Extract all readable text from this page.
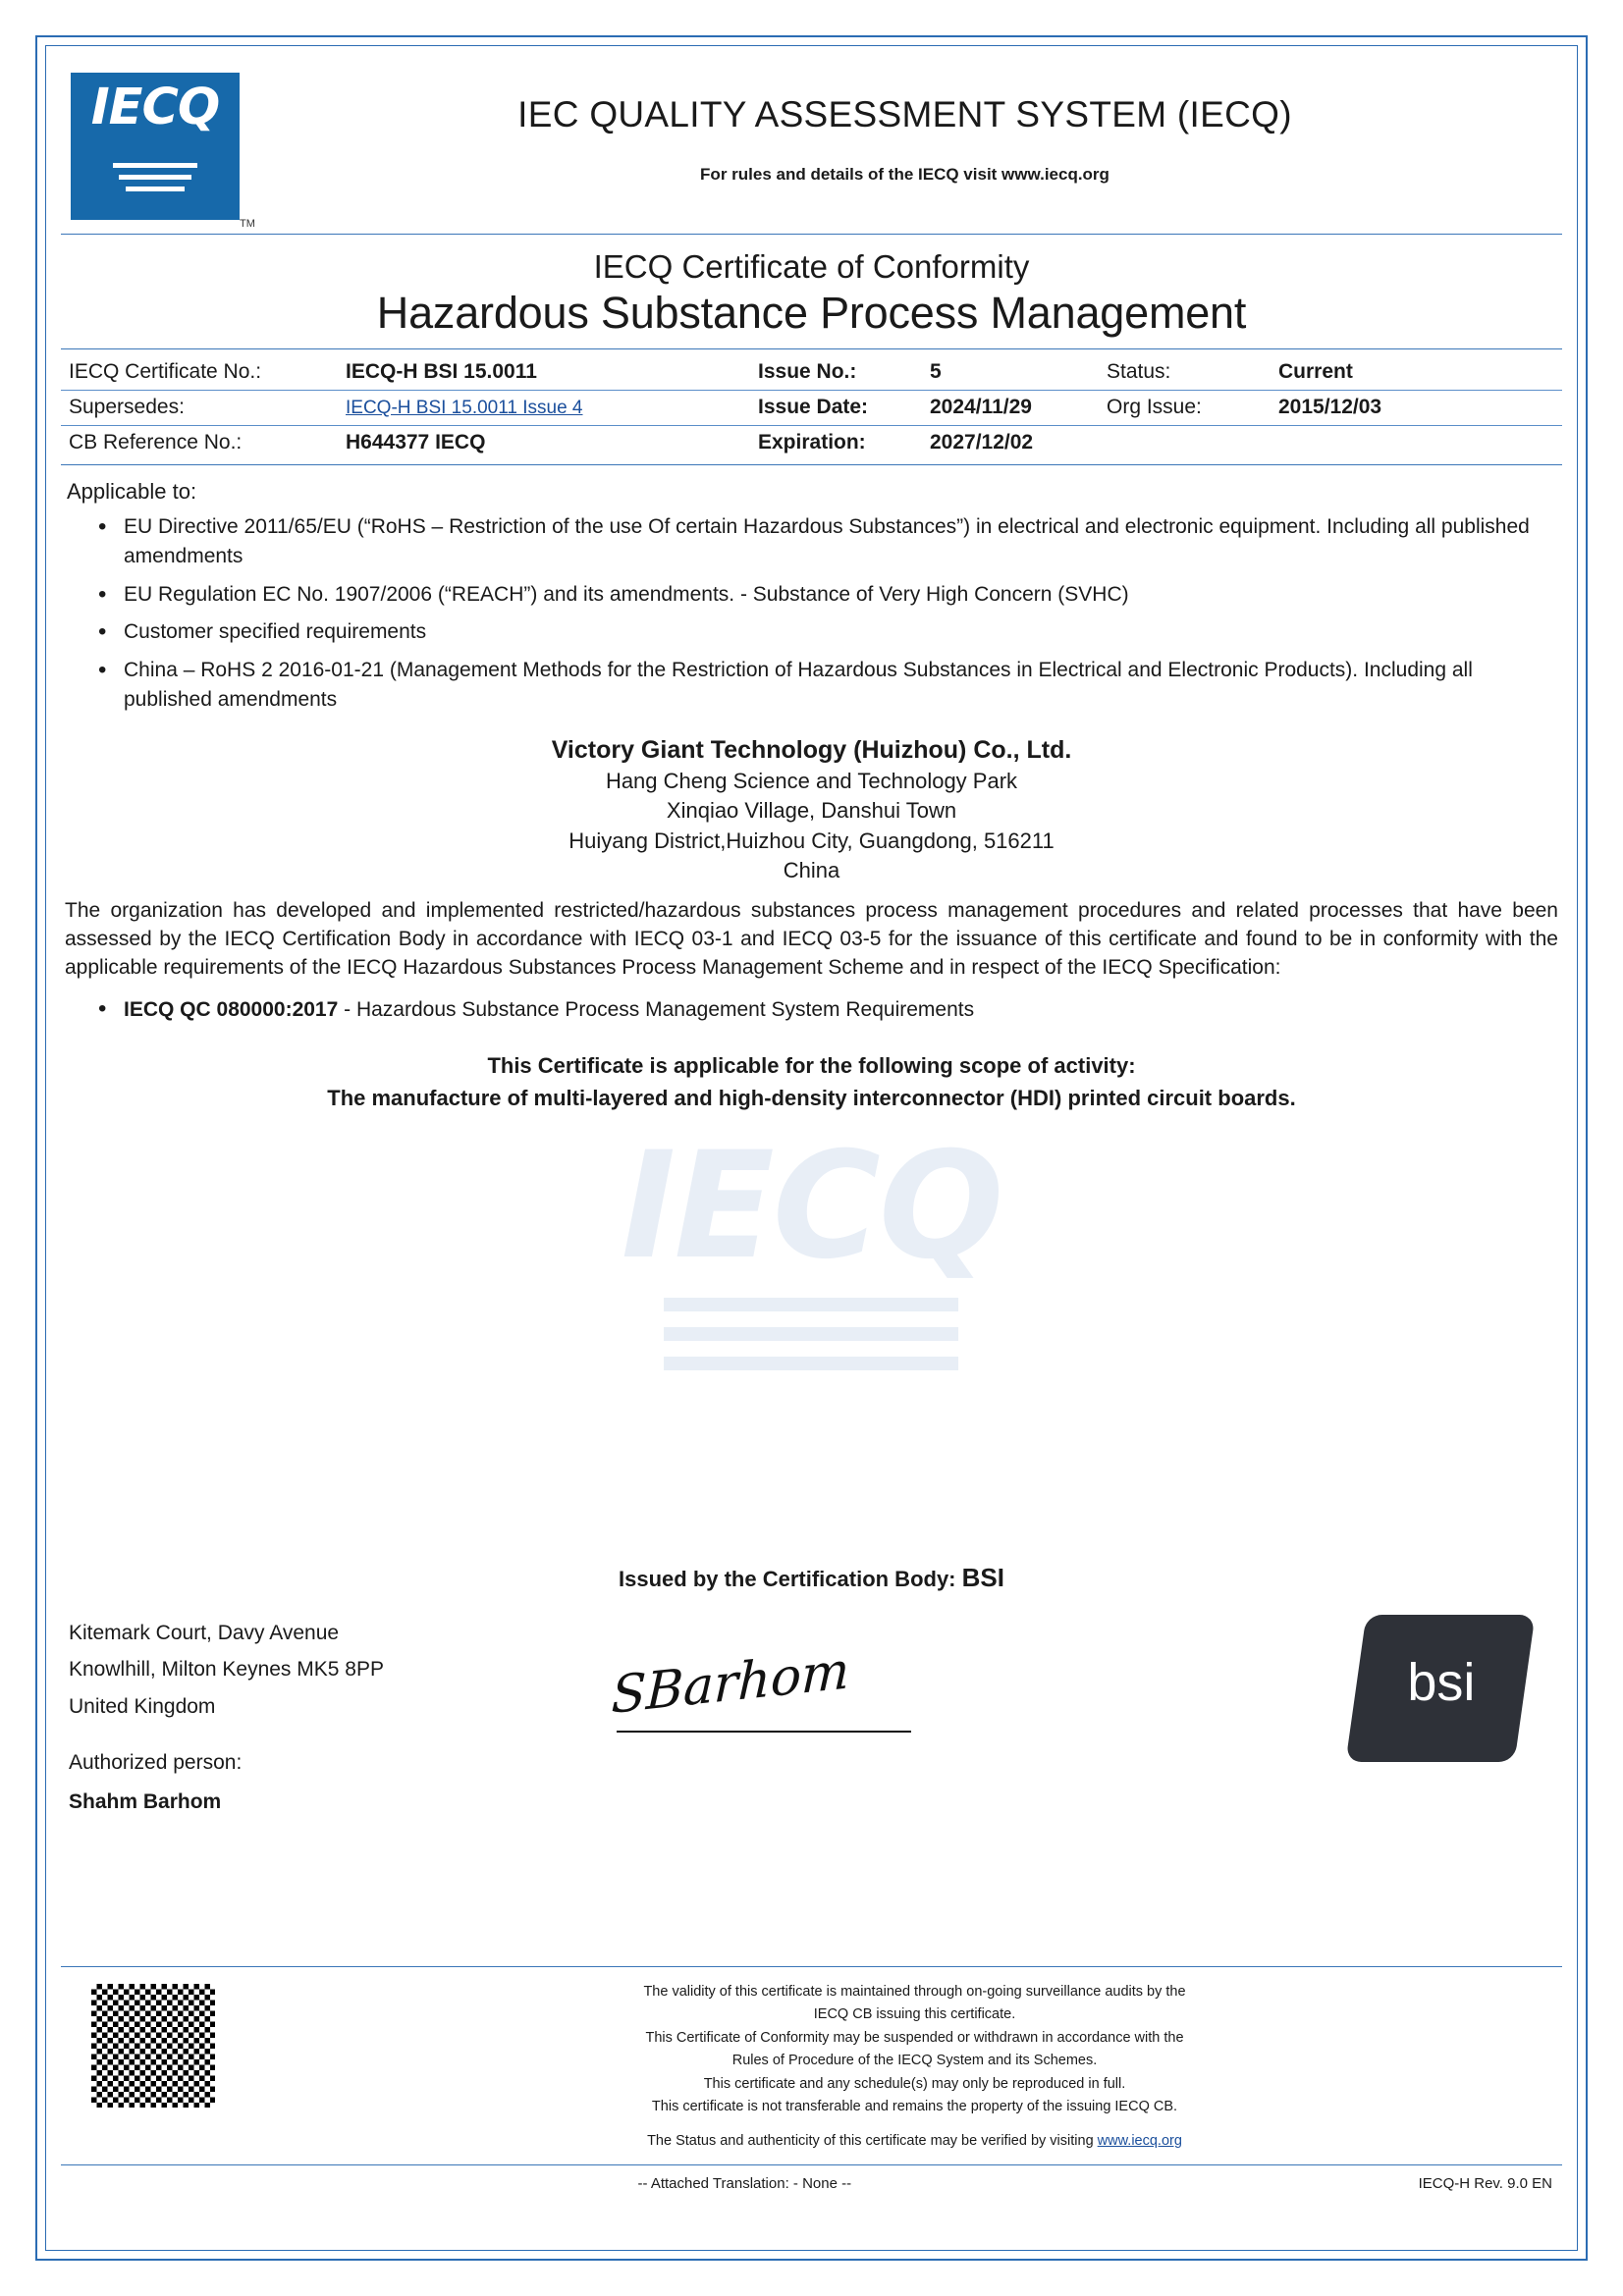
IECQ
IECQ
TM
IEC QUALITY ASSESSMENT SYSTEM (IECQ)
For rules and details of the IECQ visit www.iecq.org
IECQ Certificate of Conformity
Hazardous Substance Process Management
IECQ Certificate No.:	IECQ-H BSI 15.0011	Issue No.:	5	Status:	Current
Supersedes:	IECQ-H BSI 15.0011 Issue 4	Issue Date:	2024/11/29	Org Issue:	2015/12/03
CB Reference No.:	H644377 IECQ	Expiration:	2027/12/02
Applicable to:
• EU Directive 2011/65/EU (“RoHS – Restriction of the use Of certain Hazardous Substances”) in electrical and electronic equipment. Including all published amendments
• EU Regulation EC No. 1907/2006 (“REACH”) and its amendments. - Substance of Very High Concern (SVHC)
• Customer specified requirements
• China – RoHS 2 2016-01-21 (Management Methods for the Restriction of Hazardous Substances in Electrical and Electronic Products). Including all published amendments
Victory Giant Technology (Huizhou) Co., Ltd.
Hang Cheng Science and Technology Park
Xinqiao Village, Danshui Town
Huiyang District,Huizhou City, Guangdong, 516211
China
The organization has developed and implemented restricted/hazardous substances process management procedures and related processes that have been assessed by the IECQ Certification Body in accordance with IECQ 03-1 and IECQ 03-5 for the issuance of this certificate and found to be in conformity with the applicable requirements of the IECQ Hazardous Substances Process Management Scheme and in respect of the IECQ Specification:
• IECQ QC 080000:2017 - Hazardous Substance Process Management System Requirements
This Certificate is applicable for the following scope of activity:
The manufacture of multi-layered and high-density interconnector (HDI) printed circuit boards.
Issued by the Certification Body: BSI
Kitemark Court, Davy Avenue
Knowlhill, Milton Keynes MK5 8PP
United Kingdom
Authorized person:
Shahm Barhom
SBarhom	bsi
The validity of this certificate is maintained through on-going surveillance audits by the
IECQ CB issuing this certificate.
This Certificate of Conformity may be suspended or withdrawn in accordance with the
Rules of Procedure of the IECQ System and its Schemes.
This certificate and any schedule(s) may only be reproduced in full.
This certificate is not transferable and remains the property of the issuing IECQ CB.
The Status and authenticity of this certificate may be verified by visiting www.iecq.org
-- Attached Translation: - None --	IECQ-H Rev. 9.0 EN
